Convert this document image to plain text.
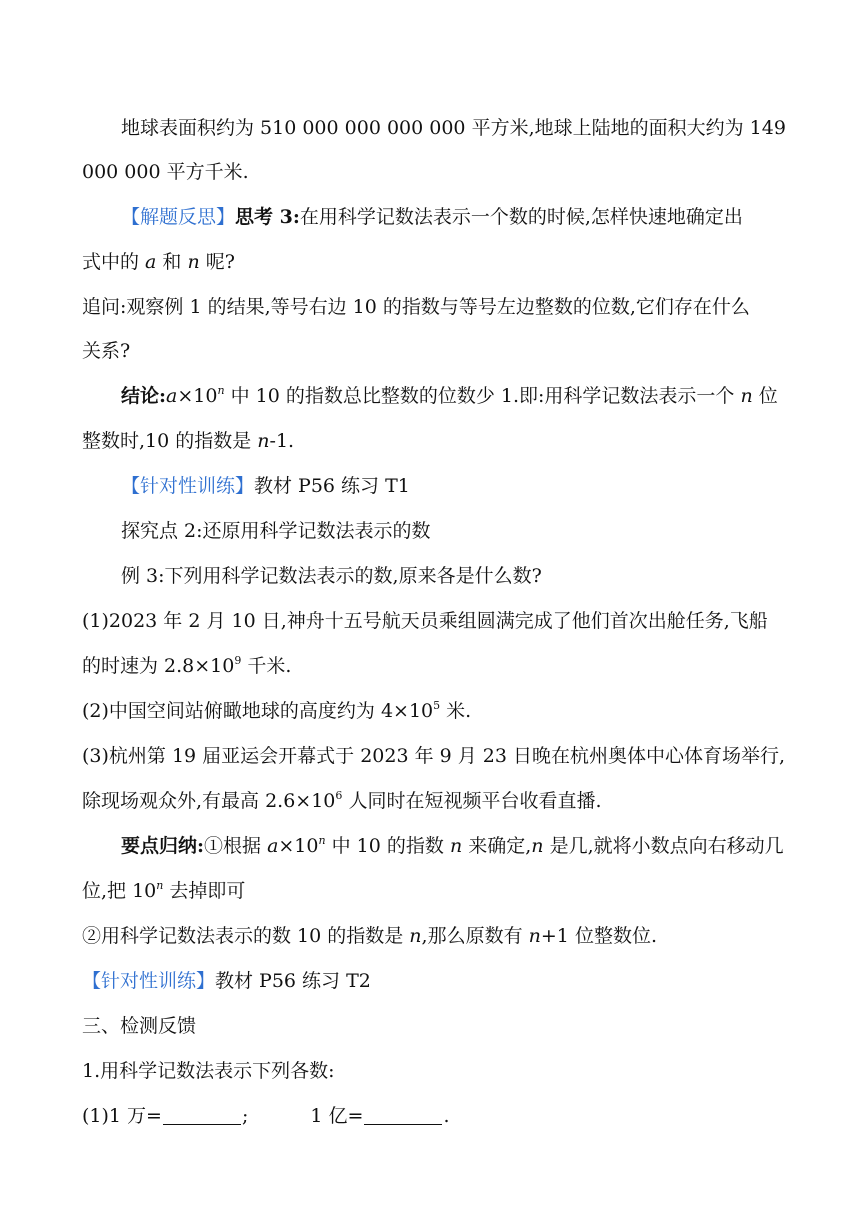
地球表面积约为 510 000 000 000 000 平方米,地球上陆地的面积大约为 149
000 000 平方千米.
【解题反思】思考 3:在用科学记数法表示一个数的时候,怎样快速地确定出
式中的 a 和 n 呢?
追问:观察例 1 的结果,等号右边 10 的指数与等号左边整数的位数,它们存在什么
关系?
结论$:a\times 10^n$ 中 10 的指数总比整数的位数少 1.即:用科学记数法表示一个 n 位
整数时,10 的指数是 n-1.
【针对性训练】教材 P56 练习 T1
探究点 2:还原用科学记数法表示的数
例 3:下列用科学记数法表示的数,原来各是什么数?
(1)2023 年 2 月 10 日,神舟十五号航天员乘组圆满完成了他们首次出舱任务,飞船
的时速为 $2.8\times 10^9$ 千米.
(2)中国空间站俯瞰地球的高度约为 $4\times 10^5$ 米.
(3)杭州第 19 届亚运会开幕式于 2023 年 9 月 23 日晚在杭州奥体中心体育场举行,
除现场观众外,有最高 $2.6\times 10^6$ 人同时在短视频平台收看直播.
要点归纳:①根据 $a\times 10^n$ 中 10 的指数 n 来确定,n 是几,就将小数点向右移动几
位,把 10$^n$ 去掉即可
②用科学记数法表示的数 10 的指数是 n,那么原数有 n+1 位整数位.
【针对性训练】教材 P56 练习 T2
三、检测反馈
1.用科学记数法表示下列各数:
(1)1 万=	;	1 亿=	.
